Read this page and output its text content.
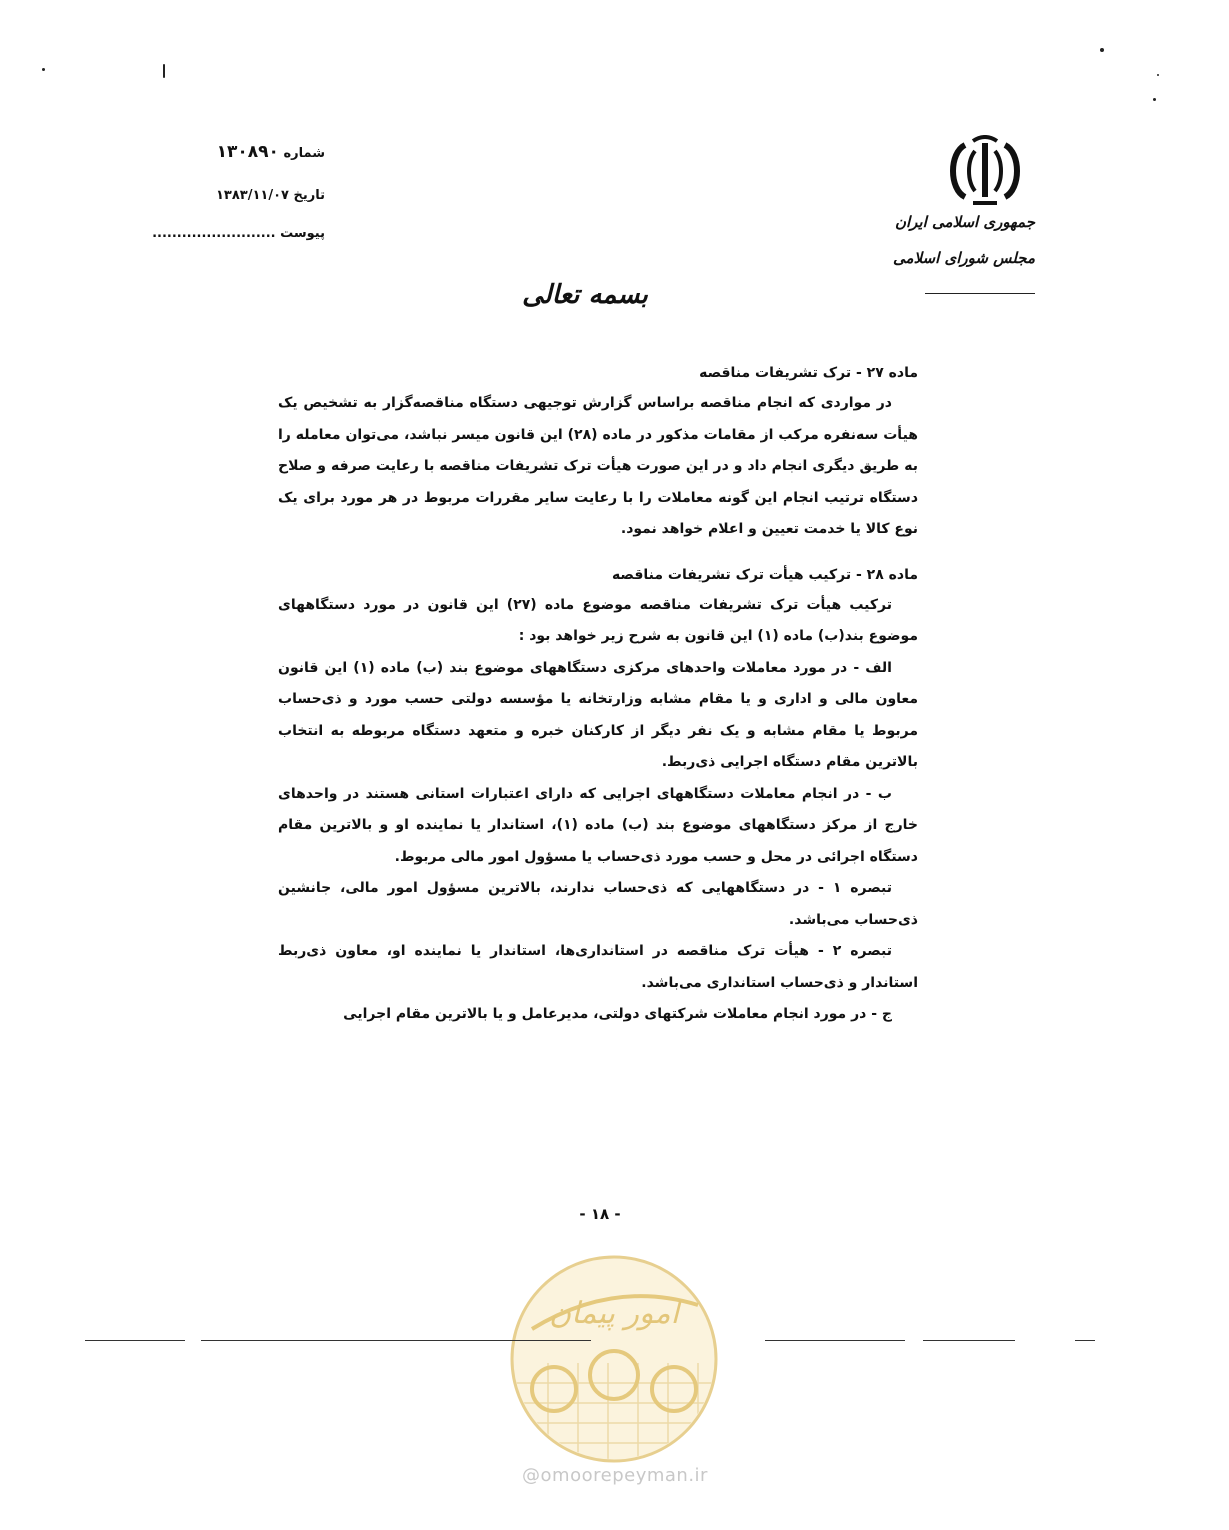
شماره ۱۳۰۸۹۰
تاریخ ۱۳۸۳/۱۱/۰۷
پیوست .........................
جمهوری اسلامی ایران
مجلس شورای اسلامی
بسمه تعالی
ماده ۲۷ - ترک تشریفات مناقصه

در مواردی که انجام مناقصه براساس گزارش توجیهی دستگاه مناقصه‌گزار به تشخیص یک هیأت سه‌نفره مرکب از مقامات مذکور در ماده (۲۸) این قانون میسر نباشد، می‌توان معامله را به طریق دیگری انجام داد و در این صورت هیأت ترک تشریفات مناقصه با رعایت صرفه و صلاح دستگاه ترتیب انجام این گونه معاملات را با رعایت سایر مقررات مربوط در هر مورد برای یک نوع کالا یا خدمت تعیین و اعلام خواهد نمود.

ماده ۲۸ - ترکیب هیأت ترک تشریفات مناقصه

ترکیب هیأت ترک تشریفات مناقصه موضوع ماده (۲۷) این قانون در مورد دستگاههای موضوع بند(ب) ماده (۱) این قانون به شرح زیر خواهد بود :

الف - در مورد معاملات واحدهای مرکزی دستگاههای موضوع بند (ب) ماده (۱) این قانون معاون مالی و اداری و یا مقام مشابه وزارتخانه یا مؤسسه دولتی حسب مورد و ذی‌حساب مربوط یا مقام مشابه و یک نفر دیگر از کارکنان خبره و متعهد دستگاه مربوطه به انتخاب بالاترین مقام دستگاه اجرایی ذی‌ربط.

ب - در انجام معاملات دستگاههای اجرایی که دارای اعتبارات استانی هستند در واحدهای خارج از مرکز دستگاههای موضوع بند (ب) ماده (۱)، استاندار یا نماینده او و بالاترین مقام دستگاه اجرائی در محل و حسب مورد ذی‌حساب یا مسؤول امور مالی مربوط.

تبصره ۱ - در دستگاههایی که ذی‌حساب ندارند، بالاترین مسؤول امور مالی، جانشین ذی‌حساب می‌باشد.

تبصره ۲ - هیأت ترک مناقصه در استانداری‌ها، استاندار یا نماینده او، معاون ذی‌ربط استاندار و ذی‌حساب استانداری می‌باشد.

ج - در مورد انجام معاملات شرکتهای دولتی، مدیرعامل و یا بالاترین مقام اجرایی

- ۱۸ -
امور پیمان
@omoorepeyman.ir
